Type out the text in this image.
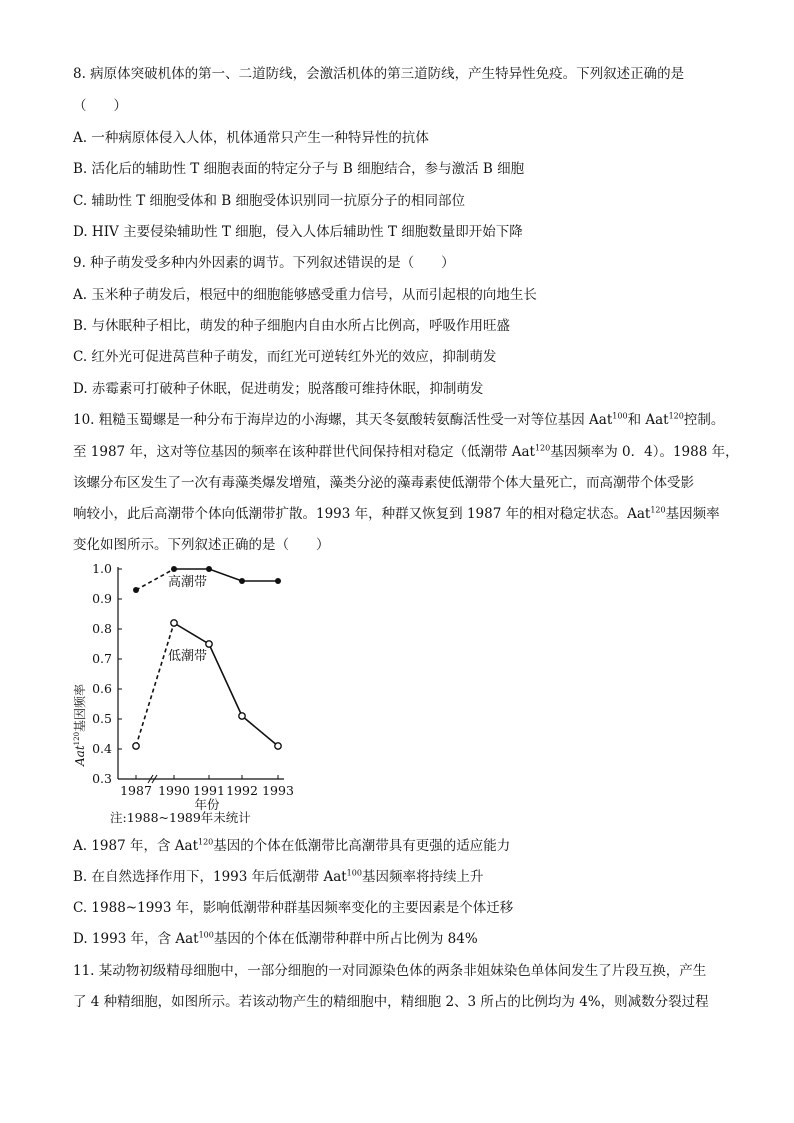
8. 病原体突破机体的第一、二道防线，会激活机体的第三道防线，产生特异性免疫。下列叙述正确的是
（　　）
A. 一种病原体侵入人体，机体通常只产生一种特异性的抗体
B. 活化后的辅助性 T 细胞表面的特定分子与 B 细胞结合，参与激活 B 细胞
C. 辅助性 T 细胞受体和 B 细胞受体识别同一抗原分子的相同部位
D. HIV 主要侵染辅助性 T 细胞，侵入人体后辅助性 T 细胞数量即开始下降
9. 种子萌发受多种内外因素的调节。下列叙述错误的是（　　）
A. 玉米种子萌发后，根冠中的细胞能够感受重力信号，从而引起根的向地生长
B. 与休眠种子相比，萌发的种子细胞内自由水所占比例高，呼吸作用旺盛
C. 红外光可促进莴苣种子萌发，而红光可逆转红外光的效应，抑制萌发
D. 赤霉素可打破种子休眠，促进萌发；脱落酸可维持休眠，抑制萌发
10. 粗糙玉蜀螺是一种分布于海岸边的小海螺，其天冬氨酸转氨酶活性受一对等位基因 Aat$^{100}$和 Aat$^{120}$控制。
至 1987 年，这对等位基因的频率在该种群世代间保持相对稳定（低潮带 Aat$^{120}$基因频率为 0．4）。1988 年，
该螺分布区发生了一次有毒藻类爆发增殖，藻类分泌的藻毒素使低潮带个体大量死亡，而高潮带个体受影
响较小，此后高潮带个体向低潮带扩散。1993 年，种群又恢复到 1987 年的相对稳定状态。Aat$^{120}$基因频率
变化如图所示。下列叙述正确的是（　　）
1.0
0.9
0.8
0.7
0.6
0.5
0.4
0.3
1987 1990 1991 1992 1993
高潮带
低潮带
Aat$^{120}$基因频率
年份
注:1988~1989年未统计
A. 1987 年，含 Aat$^{120}$基因的个体在低潮带比高潮带具有更强的适应能力
B. 在自然选择作用下，1993 年后低潮带 Aat$^{100}$基因频率将持续上升
C. 1988~1993 年，影响低潮带种群基因频率变化的主要因素是个体迁移
D. 1993 年，含 Aat$^{100}$基因的个体在低潮带种群中所占比例为 84%
11. 某动物初级精母细胞中，一部分细胞的一对同源染色体的两条非姐妹染色单体间发生了片段互换，产生
了 4 种精细胞，如图所示。若该动物产生的精细胞中，精细胞 2、3 所占的比例均为 4%，则减数分裂过程
